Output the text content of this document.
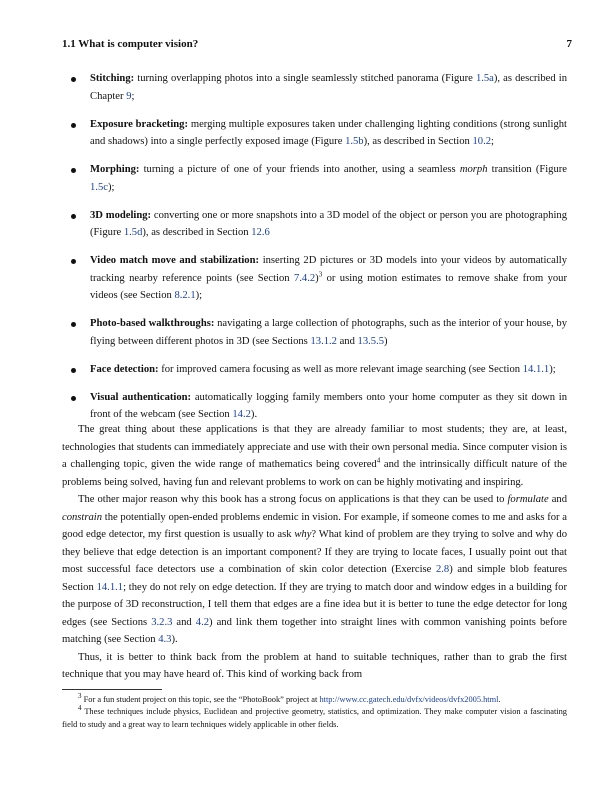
1.1 What is computer vision?	7
Stitching: turning overlapping photos into a single seamlessly stitched panorama (Figure 1.5a), as described in Chapter 9;
Exposure bracketing: merging multiple exposures taken under challenging lighting conditions (strong sunlight and shadows) into a single perfectly exposed image (Figure 1.5b), as described in Section 10.2;
Morphing: turning a picture of one of your friends into another, using a seamless morph transition (Figure 1.5c);
3D modeling: converting one or more snapshots into a 3D model of the object or person you are photographing (Figure 1.5d), as described in Section 12.6
Video match move and stabilization: inserting 2D pictures or 3D models into your videos by automatically tracking nearby reference points (see Section 7.4.2)$^3$ or using motion estimates to remove shake from your videos (see Section 8.2.1);
Photo-based walkthroughs: navigating a large collection of photographs, such as the interior of your house, by flying between different photos in 3D (see Sections 13.1.2 and 13.5.5)
Face detection: for improved camera focusing as well as more relevant image searching (see Section 14.1.1);
Visual authentication: automatically logging family members onto your home computer as they sit down in front of the webcam (see Section 14.2).

The great thing about these applications is that they are already familiar to most students; they are, at least, technologies that students can immediately appreciate and use with their own personal media. Since computer vision is a challenging topic, given the wide range of mathematics being covered$^4$ and the intrinsically difficult nature of the problems being solved, having fun and relevant problems to work on can be highly motivating and inspiring.

The other major reason why this book has a strong focus on applications is that they can be used to formulate and constrain the potentially open-ended problems endemic in vision. For example, if someone comes to me and asks for a good edge detector, my first question is usually to ask why? What kind of problem are they trying to solve and why do they believe that edge detection is an important component? If they are trying to locate faces, I usually point out that most successful face detectors use a combination of skin color detection (Exercise 2.8) and simple blob features Section 14.1.1; they do not rely on edge detection. If they are trying to match door and window edges in a building for the purpose of 3D reconstruction, I tell them that edges are a fine idea but it is better to tune the edge detector for long edges (see Sections 3.2.3 and 4.2) and link them together into straight lines with common vanishing points before matching (see Section 4.3).

Thus, it is better to think back from the problem at hand to suitable techniques, rather than to grab the first technique that you may have heard of. This kind of working back from

$^3$ For a fun student project on this topic, see the “PhotoBook” project at http://www.cc.gatech.edu/dvfx/videos/dvfx2005.html.

$^4$ These techniques include physics, Euclidean and projective geometry, statistics, and optimization. They make computer vision a fascinating field to study and a great way to learn techniques widely applicable in other fields.
